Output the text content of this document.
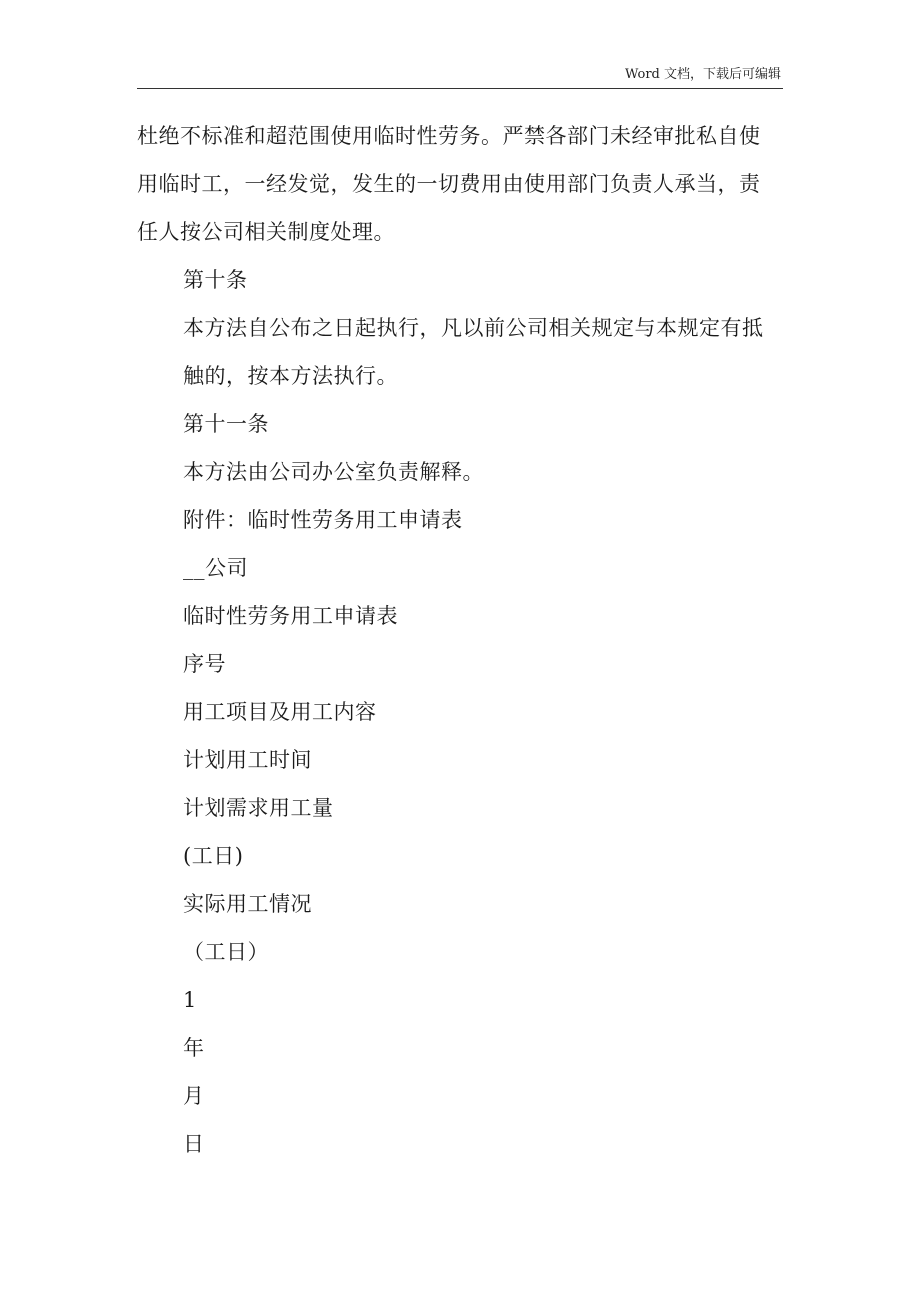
Word 文档，下载后可编辑

杜绝不标准和超范围使用临时性劳务。严禁各部门未经审批私自使用临时工，一经发觉，发生的一切费用由使用部门负责人承当，责任人按公司相关制度处理。

第十条

本方法自公布之日起执行，凡以前公司相关规定与本规定有抵触的，按本方法执行。

第十一条

本方法由公司办公室负责解释。

附件：临时性劳务用工申请表

__公司

临时性劳务用工申请表

序号

用工项目及用工内容

计划用工时间

计划需求用工量

(工日)

实际用工情况

（工日）

1

年

月

日
